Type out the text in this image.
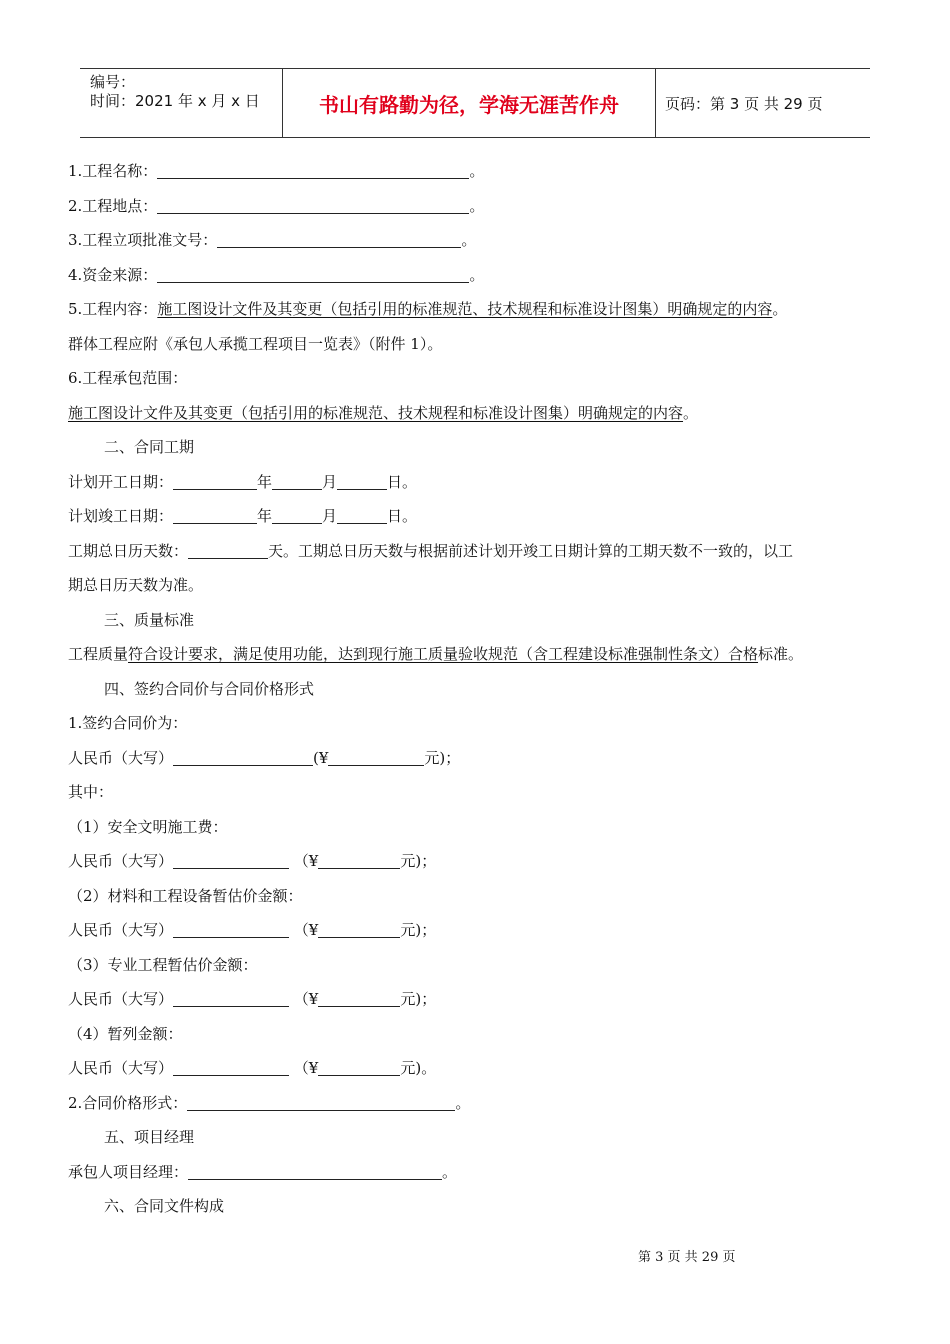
编号：
时间：2021 年 x 月 x 日	书山有路勤为径，学海无涯苦作舟	页码：第 3 页 共 29 页
1.工程名称：	。
2.工程地点：	。
3.工程立项批准文号：	。
4.资金来源：	。
5.工程内容：施工图设计文件及其变更（包括引用的标准规范、技术规程和标准设计图集）明确规定的内容。
群体工程应附《承包人承揽工程项目一览表》（附件 1）。
6.工程承包范围：
施工图设计文件及其变更（包括引用的标准规范、技术规程和标准设计图集）明确规定的内容。
二、合同工期
计划开工日期：	年	月	日。
计划竣工日期：	年	月	日。
工期总日历天数：	天。工期总日历天数与根据前述计划开竣工日期计算的工期天数不一致的，以工
期总日历天数为准。
三、质量标准
工程质量符合设计要求，满足使用功能，达到现行施工质量验收规范（含工程建设标准强制性条文）合格标准。
四、签约合同价与合同价格形式
1.签约合同价为：
人民币（大写）	(¥	元)；
其中：
（1）安全文明施工费：
人民币（大写）	（¥	元)；
（2）材料和工程设备暂估价金额：
人民币（大写）	（¥	元)；
（3）专业工程暂估价金额：
人民币（大写）	（¥	元)；
（4）暂列金额：
人民币（大写）	（¥	元)。
2.合同价格形式：	。
五、项目经理
承包人项目经理：	。
六、合同文件构成
第 3 页 共 29 页
